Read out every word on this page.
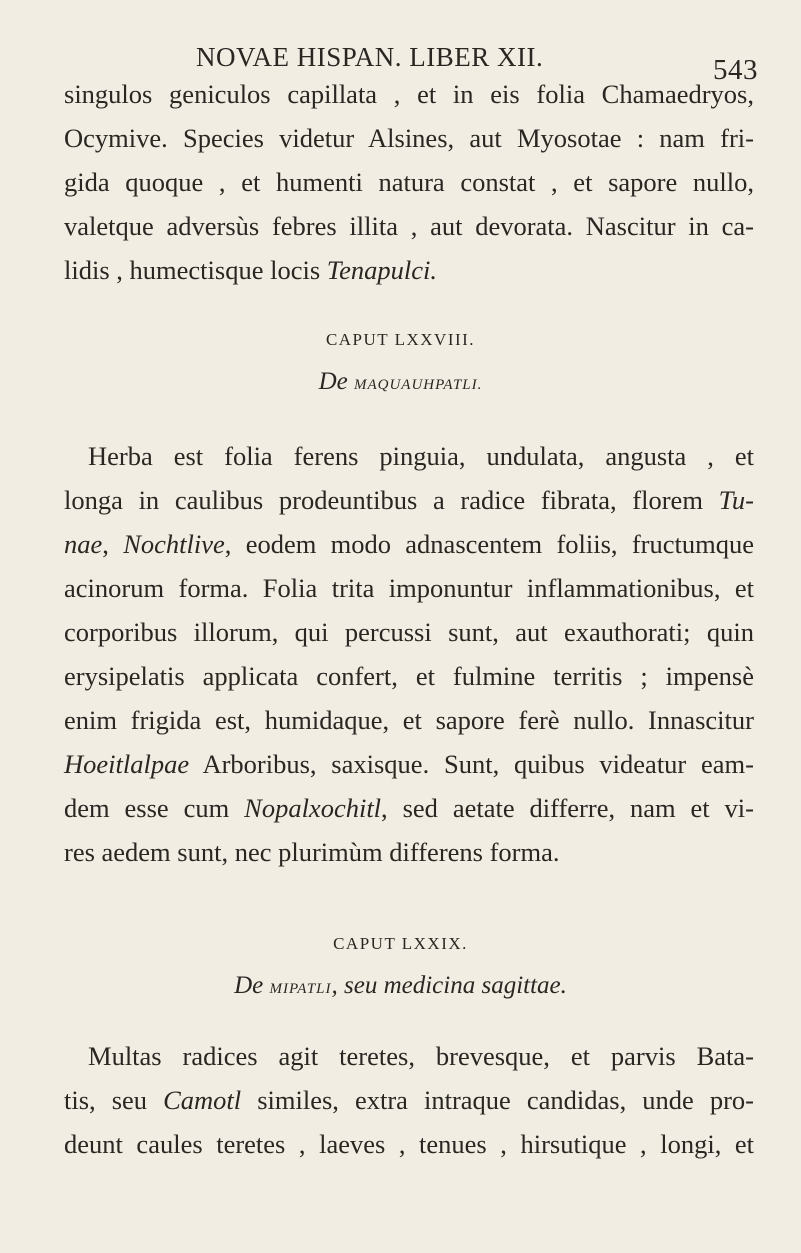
NOVAE HISPAN. LIBER XII.	543
singulos geniculos capillata , et in eis folia Chamaedryos,
Ocymive. Species videtur Alsines, aut Myosotae : nam fri-
gida quoque , et humenti natura constat , et sapore nullo,
valetque adversùs febres illita , aut devorata. Nascitur in ca-
lidis , humectisque locis Tenapulci.
CAPUT LXXVIII.
De MAQUAUHPATLI.
Herba est folia ferens pinguia, undulata, angusta , et
longa in caulibus prodeuntibus a radice fibrata, florem Tu-
nae, Nochtlive, eodem modo adnascentem foliis, fructumque
acinorum forma. Folia trita imponuntur inflammationibus, et
corporibus illorum, qui percussi sunt, aut exauthorati; quin
erysipelatis applicata confert, et fulmine territis ; impensè
enim frigida est, humidaque, et sapore ferè nullo. Innascitur
Hoeitlalpae Arboribus, saxisque. Sunt, quibus videatur eam-
dem esse cum Nopalxochitl, sed aetate differre, nam et vi-
res aedem sunt, nec plurimùm differens forma.
CAPUT LXXIX.
De MIPATLI, seu medicina sagittae.
Multas radices agit teretes, brevesque, et parvis Bata-
tis, seu Camotl similes, extra intraque candidas, unde pro-
deunt caules teretes , laeves , tenues , hirsutique , longi, et
